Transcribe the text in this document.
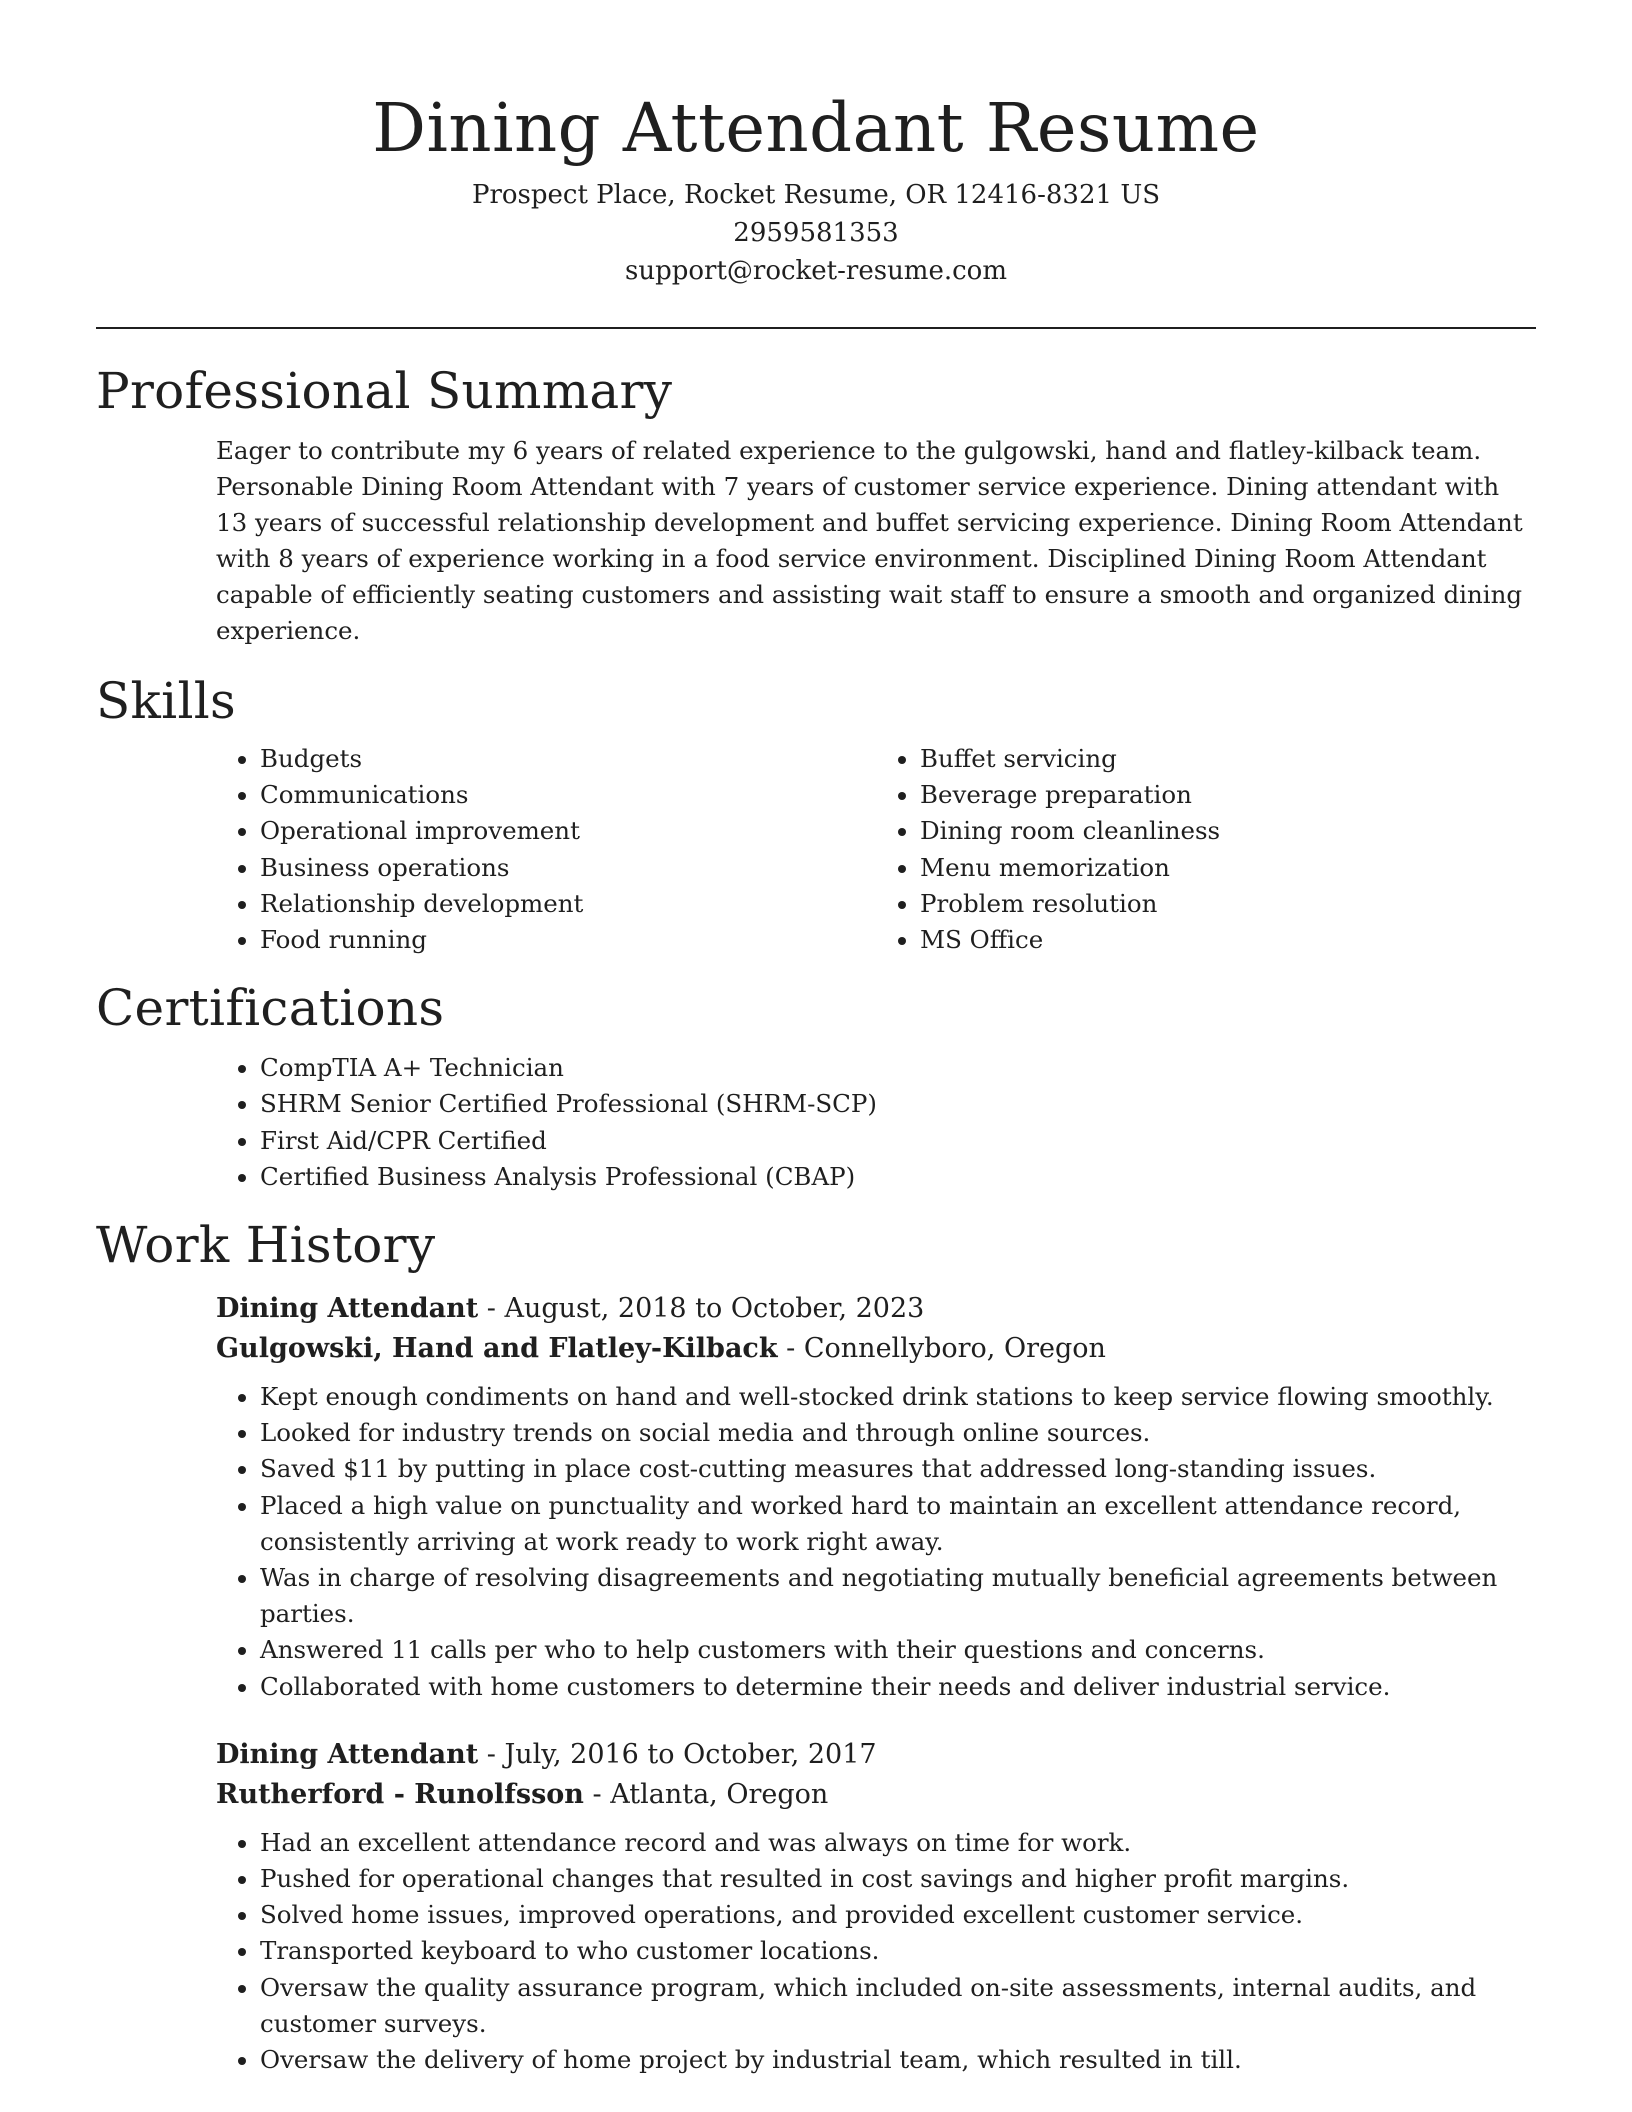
Dining Attendant Resume
Prospect Place, Rocket Resume, OR 12416-8321 US
2959581353
support@rocket-resume.com
Professional Summary

Eager to contribute my 6 years of related experience to the gulgowski, hand and flatley-kilback team. Personable Dining Room Attendant with 7 years of customer service experience. Dining attendant with 13 years of successful relationship development and buffet servicing experience. Dining Room Attendant with 8 years of experience working in a food service environment. Disciplined Dining Room Attendant capable of efficiently seating customers and assisting wait staff to ensure a smooth and organized dining experience.

Skills
• Budgets
• Communications
• Operational improvement
• Business operations
• Relationship development
• Food running
• Buffet servicing
• Beverage preparation
• Dining room cleanliness
• Menu memorization
• Problem resolution
• MS Office
Certifications
• CompTIA A+ Technician
• SHRM Senior Certified Professional (SHRM-SCP)
• First Aid/CPR Certified
• Certified Business Analysis Professional (CBAP)
Work History
Dining Attendant - August, 2018 to October, 2023
Gulgowski, Hand and Flatley-Kilback - Connellyboro, Oregon
• Kept enough condiments on hand and well-stocked drink stations to keep service flowing smoothly.
• Looked for industry trends on social media and through online sources.
• Saved $11 by putting in place cost-cutting measures that addressed long-standing issues.
• Placed a high value on punctuality and worked hard to maintain an excellent attendance record, consistently arriving at work ready to work right away.
• Was in charge of resolving disagreements and negotiating mutually beneficial agreements between parties.
• Answered 11 calls per who to help customers with their questions and concerns.
• Collaborated with home customers to determine their needs and deliver industrial service.
Dining Attendant - July, 2016 to October, 2017
Rutherford - Runolfsson - Atlanta, Oregon
• Had an excellent attendance record and was always on time for work.
• Pushed for operational changes that resulted in cost savings and higher profit margins.
• Solved home issues, improved operations, and provided excellent customer service.
• Transported keyboard to who customer locations.
• Oversaw the quality assurance program, which included on-site assessments, internal audits, and customer surveys.
• Oversaw the delivery of home project by industrial team, which resulted in till.
